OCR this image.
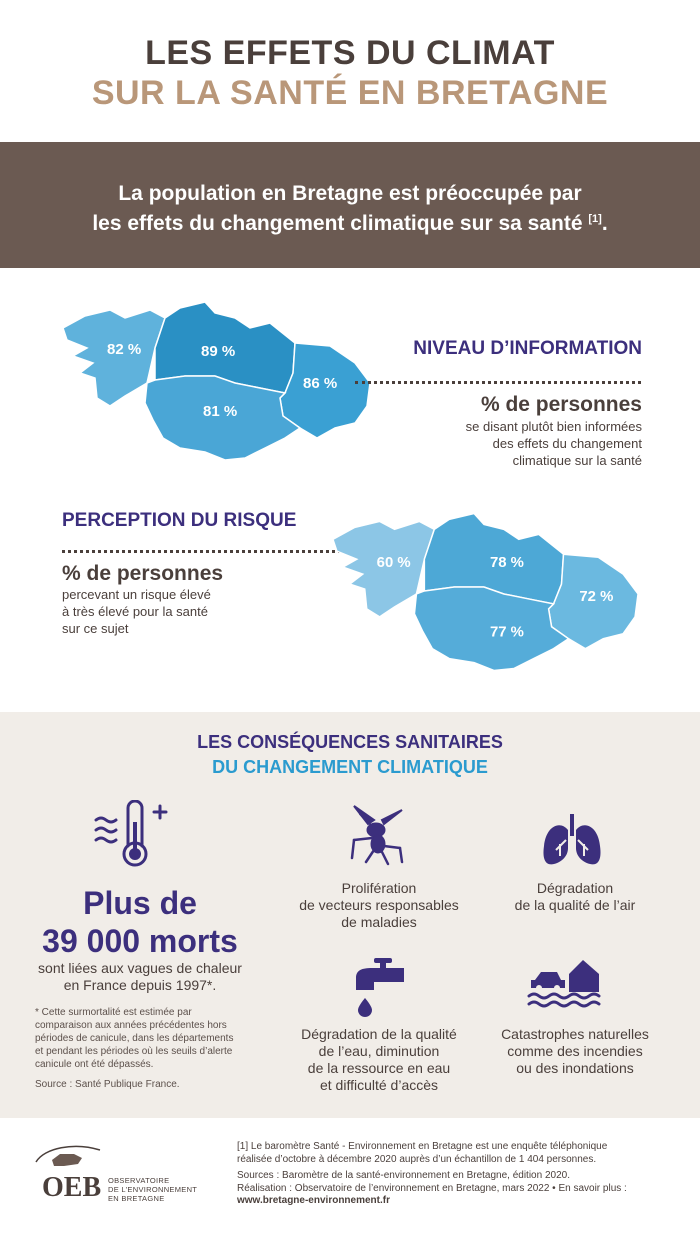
LES EFFETS DU CLIMAT
SUR LA SANTÉ EN BRETAGNE
La population en Bretagne est préoccupée par
les effets du changement climatique sur sa santé [1].
82 %	89 %
86 %
81 %
NIVEAU D’INFORMATION
% de personnes
se disant plutôt bien informées
des effets du changement
climatique sur la santé
PERCEPTION DU RISQUE
% de personnes
percevant un risque élevé
à très élevé pour la santé
sur ce sujet
60 %	78 %
72 %
77 %
LES CONSÉQUENCES SANITAIRES
DU CHANGEMENT CLIMATIQUE
Plus de
39 000 morts
sont liées aux vagues de chaleur
en France depuis 1997*.
* Cette surmortalité est estimée par
comparaison aux années précédentes hors
périodes de canicule, dans les départements
et pendant les périodes où les seuils d’alerte
canicule ont été dépassés.
Source : Santé Publique France.
Prolifération
de vecteurs responsables
de maladies
Dégradation
de la qualité de l’air
Dégradation de la qualité
de l’eau, diminution
de la ressource en eau
et difficulté d’accès
Catastrophes naturelles
comme des incendies
ou des inondations
OEB OBSERVATOIRE
DE L’ENVIRONNEMENT
EN BRETAGNE
[1] Le baromètre Santé - Environnement en Bretagne est une enquête téléphonique
réalisée d’octobre à décembre 2020 auprès d’un échantillon de 1 404 personnes.
Sources : Baromètre de la santé-environnement en Bretagne, édition 2020.
Réalisation : Observatoire de l’environnement en Bretagne, mars 2022 • En savoir plus :
www.bretagne-environnement.fr
